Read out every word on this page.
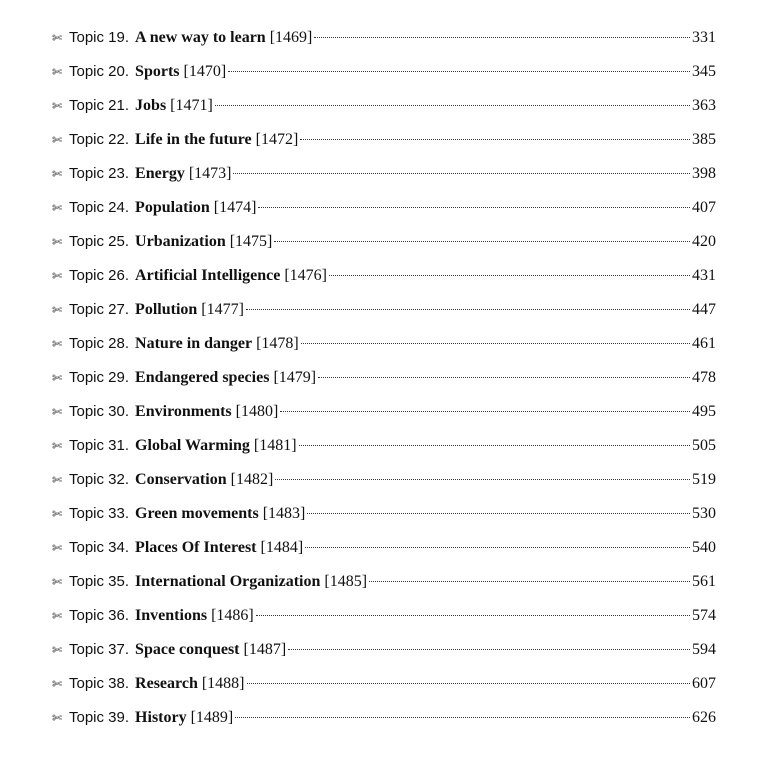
✄ Topic 19. A new way to learn [1469]	331
✄ Topic 20. Sports [1470]	345
✄ Topic 21. Jobs [1471]	363
✄ Topic 22. Life in the future [1472]	385
✄ Topic 23. Energy [1473]	398
✄ Topic 24. Population [1474]	407
✄ Topic 25. Urbanization [1475]	420
✄ Topic 26. Artificial Intelligence [1476]	431
✄ Topic 27. Pollution [1477]	447
✄ Topic 28. Nature in danger [1478]	461
✄ Topic 29. Endangered species [1479]	478
✄ Topic 30. Environments [1480]	495
✄ Topic 31. Global Warming [1481]	505
✄ Topic 32. Conservation [1482]	519
✄ Topic 33. Green movements [1483]	530
✄ Topic 34. Places Of Interest [1484]	540
✄ Topic 35. International Organization [1485]	561
✄ Topic 36. Inventions [1486]	574
✄ Topic 37. Space conquest [1487]	594
✄ Topic 38. Research [1488]	607
✄ Topic 39. History [1489]	626
